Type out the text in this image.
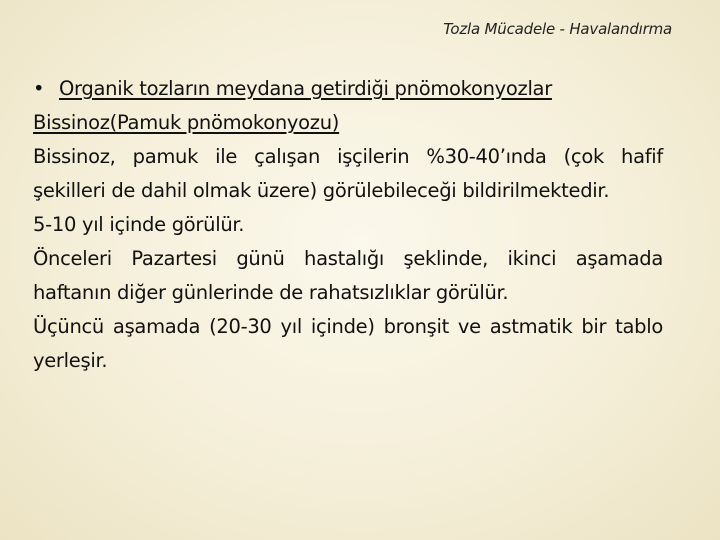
Tozla Mücadele - Havalandırma
• Organik tozların meydana getirdiği pnömokonyozlar
Bissinoz(Pamuk pnömokonyozu)
Bissinoz, pamuk ile çalışan işçilerin %30-40’ında (çok hafif şekilleri de dahil olmak üzere) görülebileceği bildirilmektedir.
5-10 yıl içinde görülür.
Önceleri Pazartesi günü hastalığı şeklinde, ikinci aşamada haftanın diğer günlerinde de rahatsızlıklar görülür.
Üçüncü aşamada (20-30 yıl içinde) bronşit ve astmatik bir tablo yerleşir.
